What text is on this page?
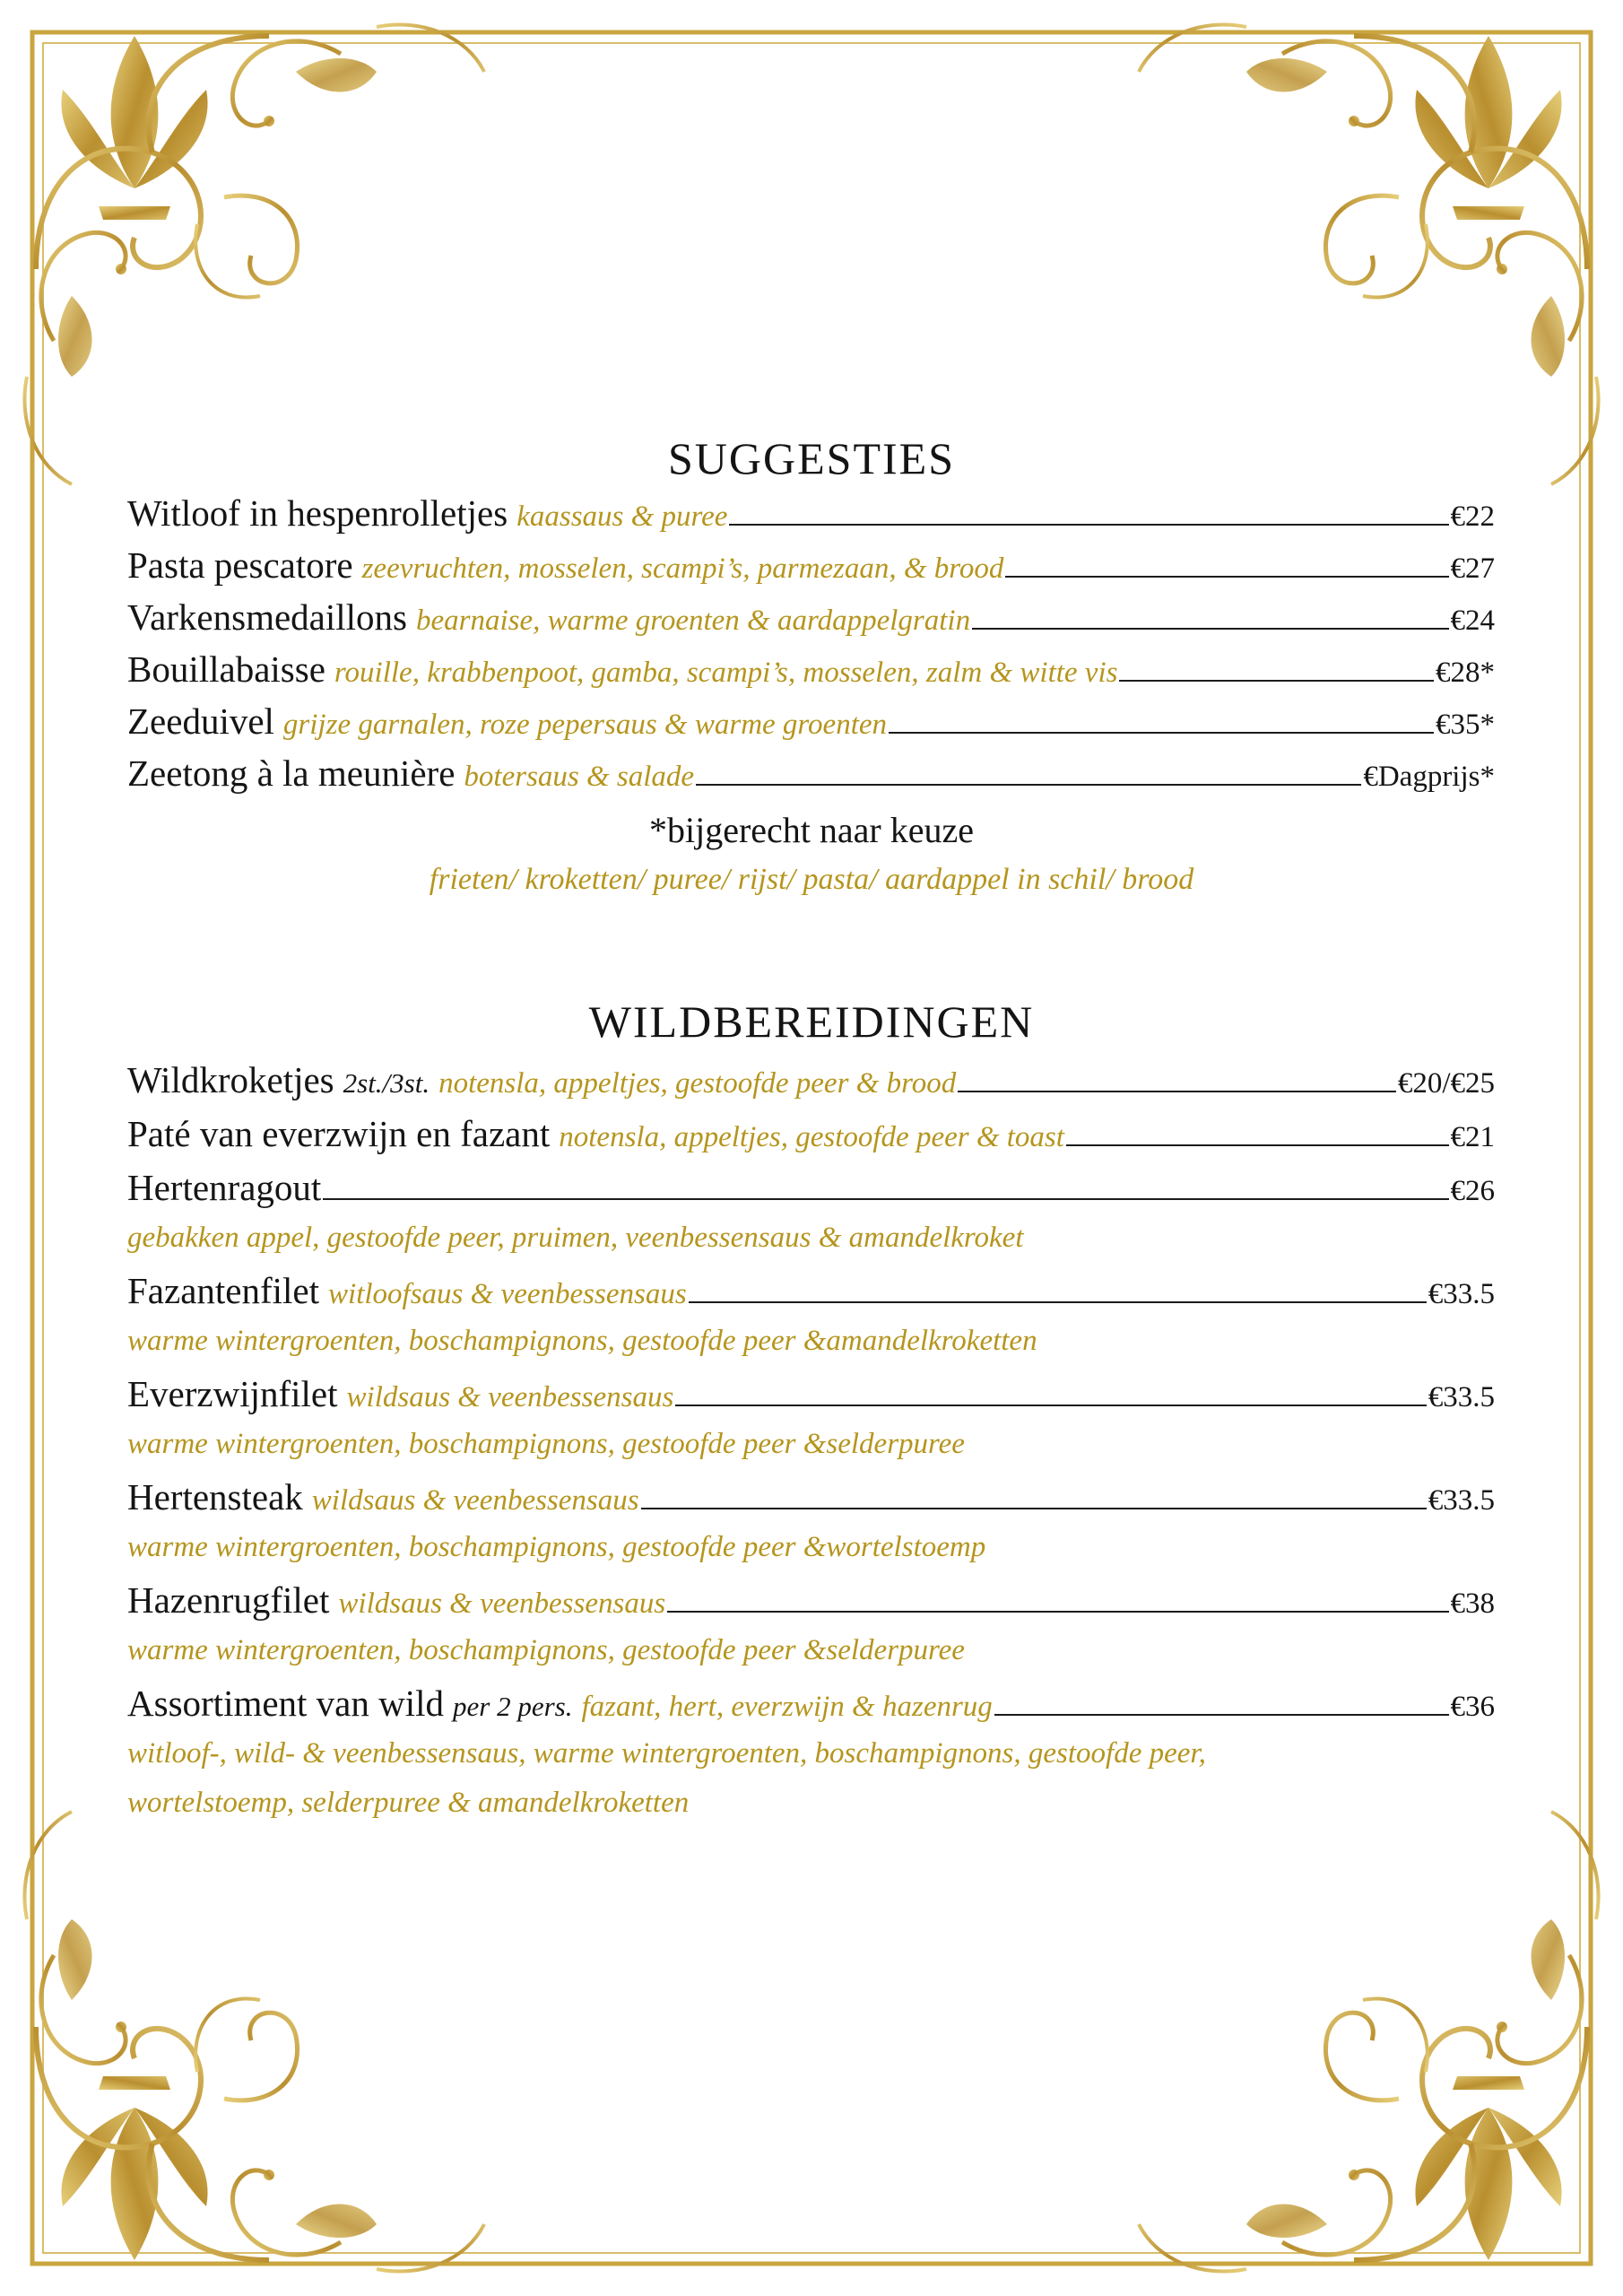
SUGGESTIES
Witloof in hespenrolletjes kaassaus & puree	€22
Pasta pescatore zeevruchten, mosselen, scampi’s, parmezaan, & brood	€27
Varkensmedaillons bearnaise, warme groenten & aardappelgratin	€24
Bouillabaisse rouille, krabbenpoot, gamba, scampi’s, mosselen, zalm & witte vis	€28*
Zeeduivel grijze garnalen, roze pepersaus & warme groenten	€35*
Zeetong à la meunière botersaus & salade	€Dagprijs*
*bijgerecht naar keuze
frieten/ kroketten/ puree/ rijst/ pasta/ aardappel in schil/ brood
WILDBEREIDINGEN
Wildkroketjes 2st./3st. notensla, appeltjes, gestoofde peer & brood	€20/€25
Paté van everzwijn en fazant notensla, appeltjes, gestoofde peer & toast	€21
Hertenragout	€26
gebakken appel, gestoofde peer, pruimen, veenbessensaus & amandelkroket
Fazantenfilet witloofsaus & veenbessensaus	€33.5
warme wintergroenten, boschampignons, gestoofde peer &amandelkroketten
Everzwijnfilet wildsaus & veenbessensaus	€33.5
warme wintergroenten, boschampignons, gestoofde peer &selderpuree
Hertensteak wildsaus & veenbessensaus	€33.5
warme wintergroenten, boschampignons, gestoofde peer &wortelstoemp
Hazenrugfilet wildsaus & veenbessensaus	€38
warme wintergroenten, boschampignons, gestoofde peer &selderpuree
Assortiment van wild per 2 pers. fazant, hert, everzwijn & hazenrug	€36
witloof-, wild- & veenbessensaus, warme wintergroenten, boschampignons, gestoofde peer,
wortelstoemp, selderpuree & amandelkroketten
